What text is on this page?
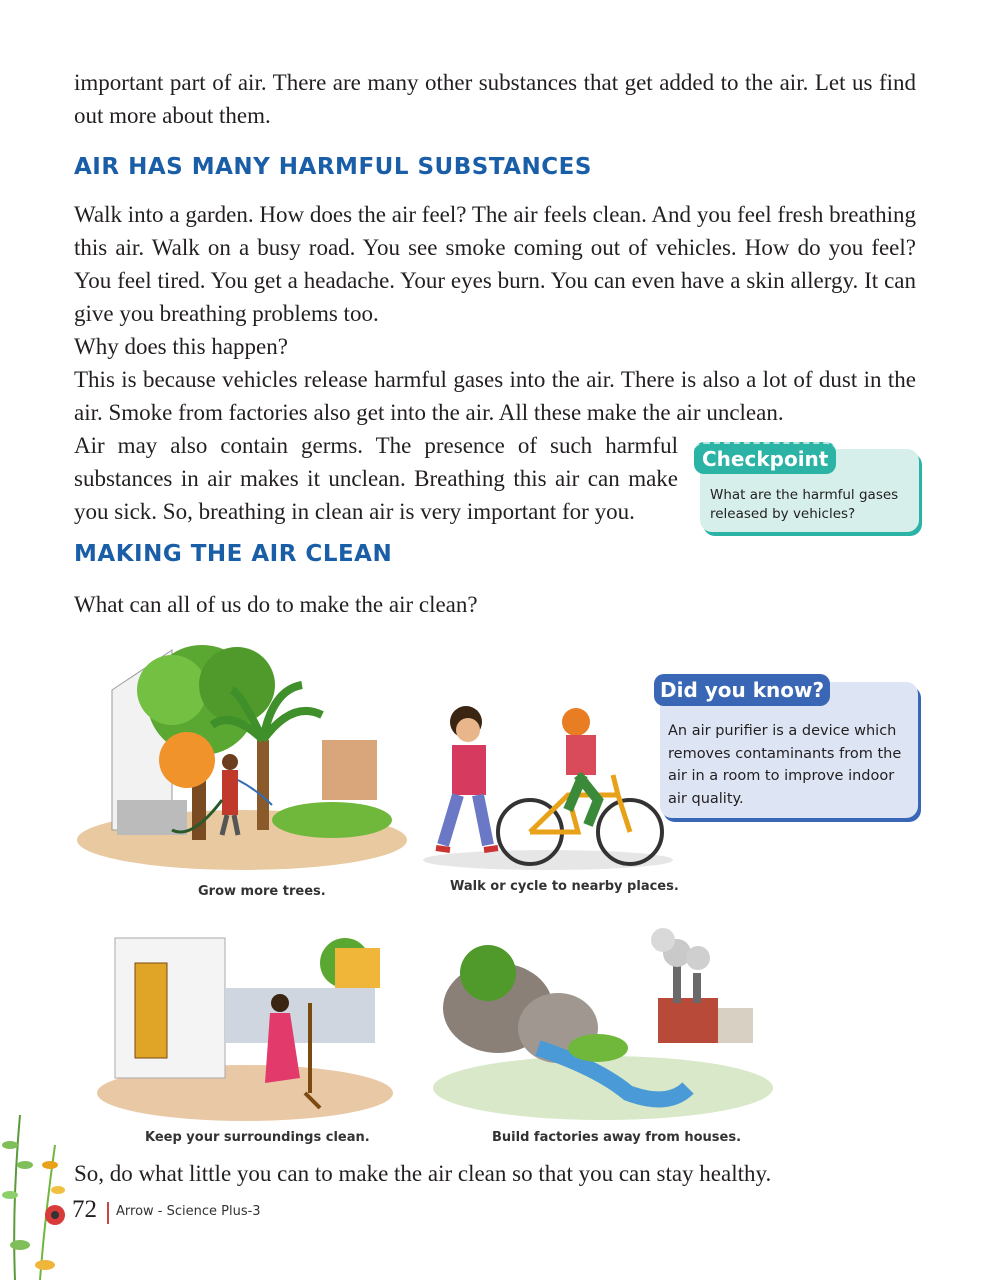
important part of air. There are many other substances that get added to the air. Let us find out more about them.

AIR HAS MANY HARMFUL SUBSTANCES

Walk into a garden. How does the air feel? The air feels clean. And you feel fresh breathing this air. Walk on a busy road. You see smoke coming out of vehicles. How do you feel? You feel tired. You get a headache. Your eyes burn. You can even have a skin allergy. It can give you breathing problems too.

Why does this happen?

This is because vehicles release harmful gases into the air. There is also a lot of dust in the air. Smoke from factories also get into the air. All these make the air unclean.

Air may also contain germs. The presence of such harmful substances in air makes it unclean. Breathing this air can make you sick. So, breathing in clean air is very important for you.

Checkpoint
What are the harmful gases released by vehicles?
MAKING THE AIR CLEAN

What can all of us do to make the air clean?

Grow more trees.	Walk or cycle to nearby places.
Did you know?
An air purifier is a device which removes contaminants from the air in a room to improve indoor air quality.
Keep your surroundings clean.	Build factories away from houses.

So, do what little you can to make the air clean so that you can stay healthy.

72 Arrow - Science Plus-3
